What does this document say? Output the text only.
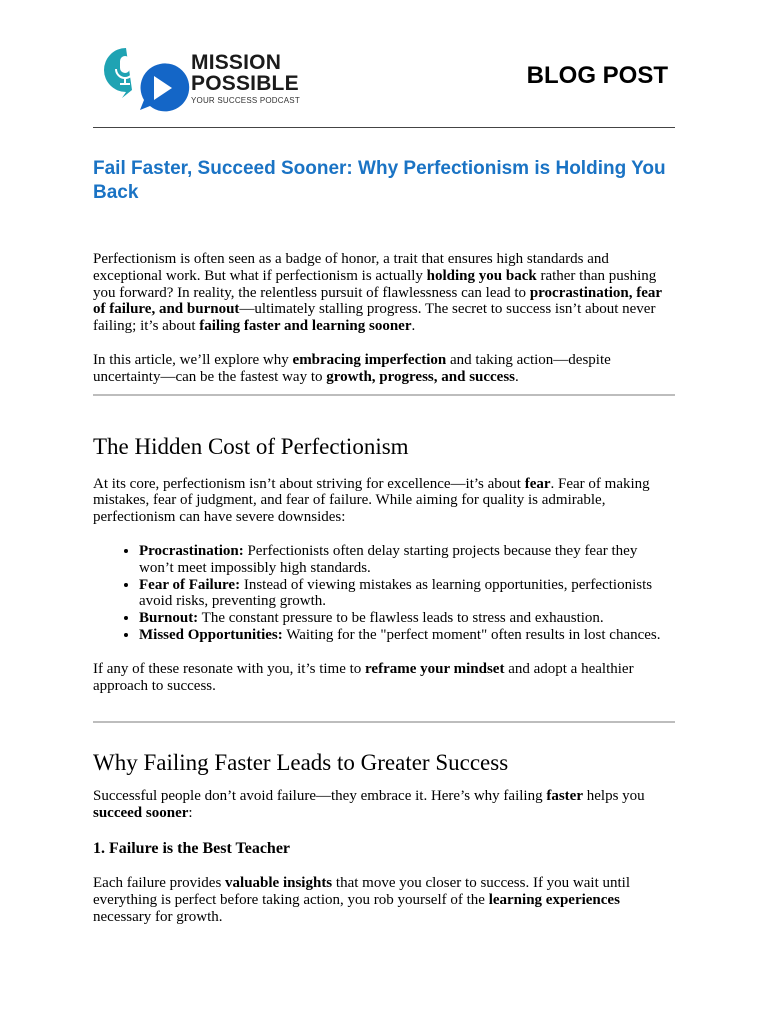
MISSION
POSSIBLE
YOUR SUCCESS PODCAST
BLOG POST
Fail Faster, Succeed Sooner: Why Perfectionism is Holding You Back

Perfectionism is often seen as a badge of honor, a trait that ensures high standards and exceptional work. But what if perfectionism is actually holding you back rather than pushing you forward? In reality, the relentless pursuit of flawlessness can lead to procrastination, fear of failure, and burnout—ultimately stalling progress. The secret to success isn’t about never failing; it’s about failing faster and learning sooner.

In this article, we’ll explore why embracing imperfection and taking action—despite uncertainty—can be the fastest way to growth, progress, and success.

The Hidden Cost of Perfectionism

At its core, perfectionism isn’t about striving for excellence—it’s about fear. Fear of making mistakes, fear of judgment, and fear of failure. While aiming for quality is admirable, perfectionism can have severe downsides:

• Procrastination: Perfectionists often delay starting projects because they fear they won’t meet impossibly high standards.
• Fear of Failure: Instead of viewing mistakes as learning opportunities, perfectionists avoid risks, preventing growth.
• Burnout: The constant pressure to be flawless leads to stress and exhaustion.
• Missed Opportunities: Waiting for the "perfect moment" often results in lost chances.

If any of these resonate with you, it’s time to reframe your mindset and adopt a healthier approach to success.

Why Failing Faster Leads to Greater Success

Successful people don’t avoid failure—they embrace it. Here’s why failing faster helps you succeed sooner:

1. Failure is the Best Teacher

Each failure provides valuable insights that move you closer to success. If you wait until everything is perfect before taking action, you rob yourself of the learning experiences necessary for growth.
